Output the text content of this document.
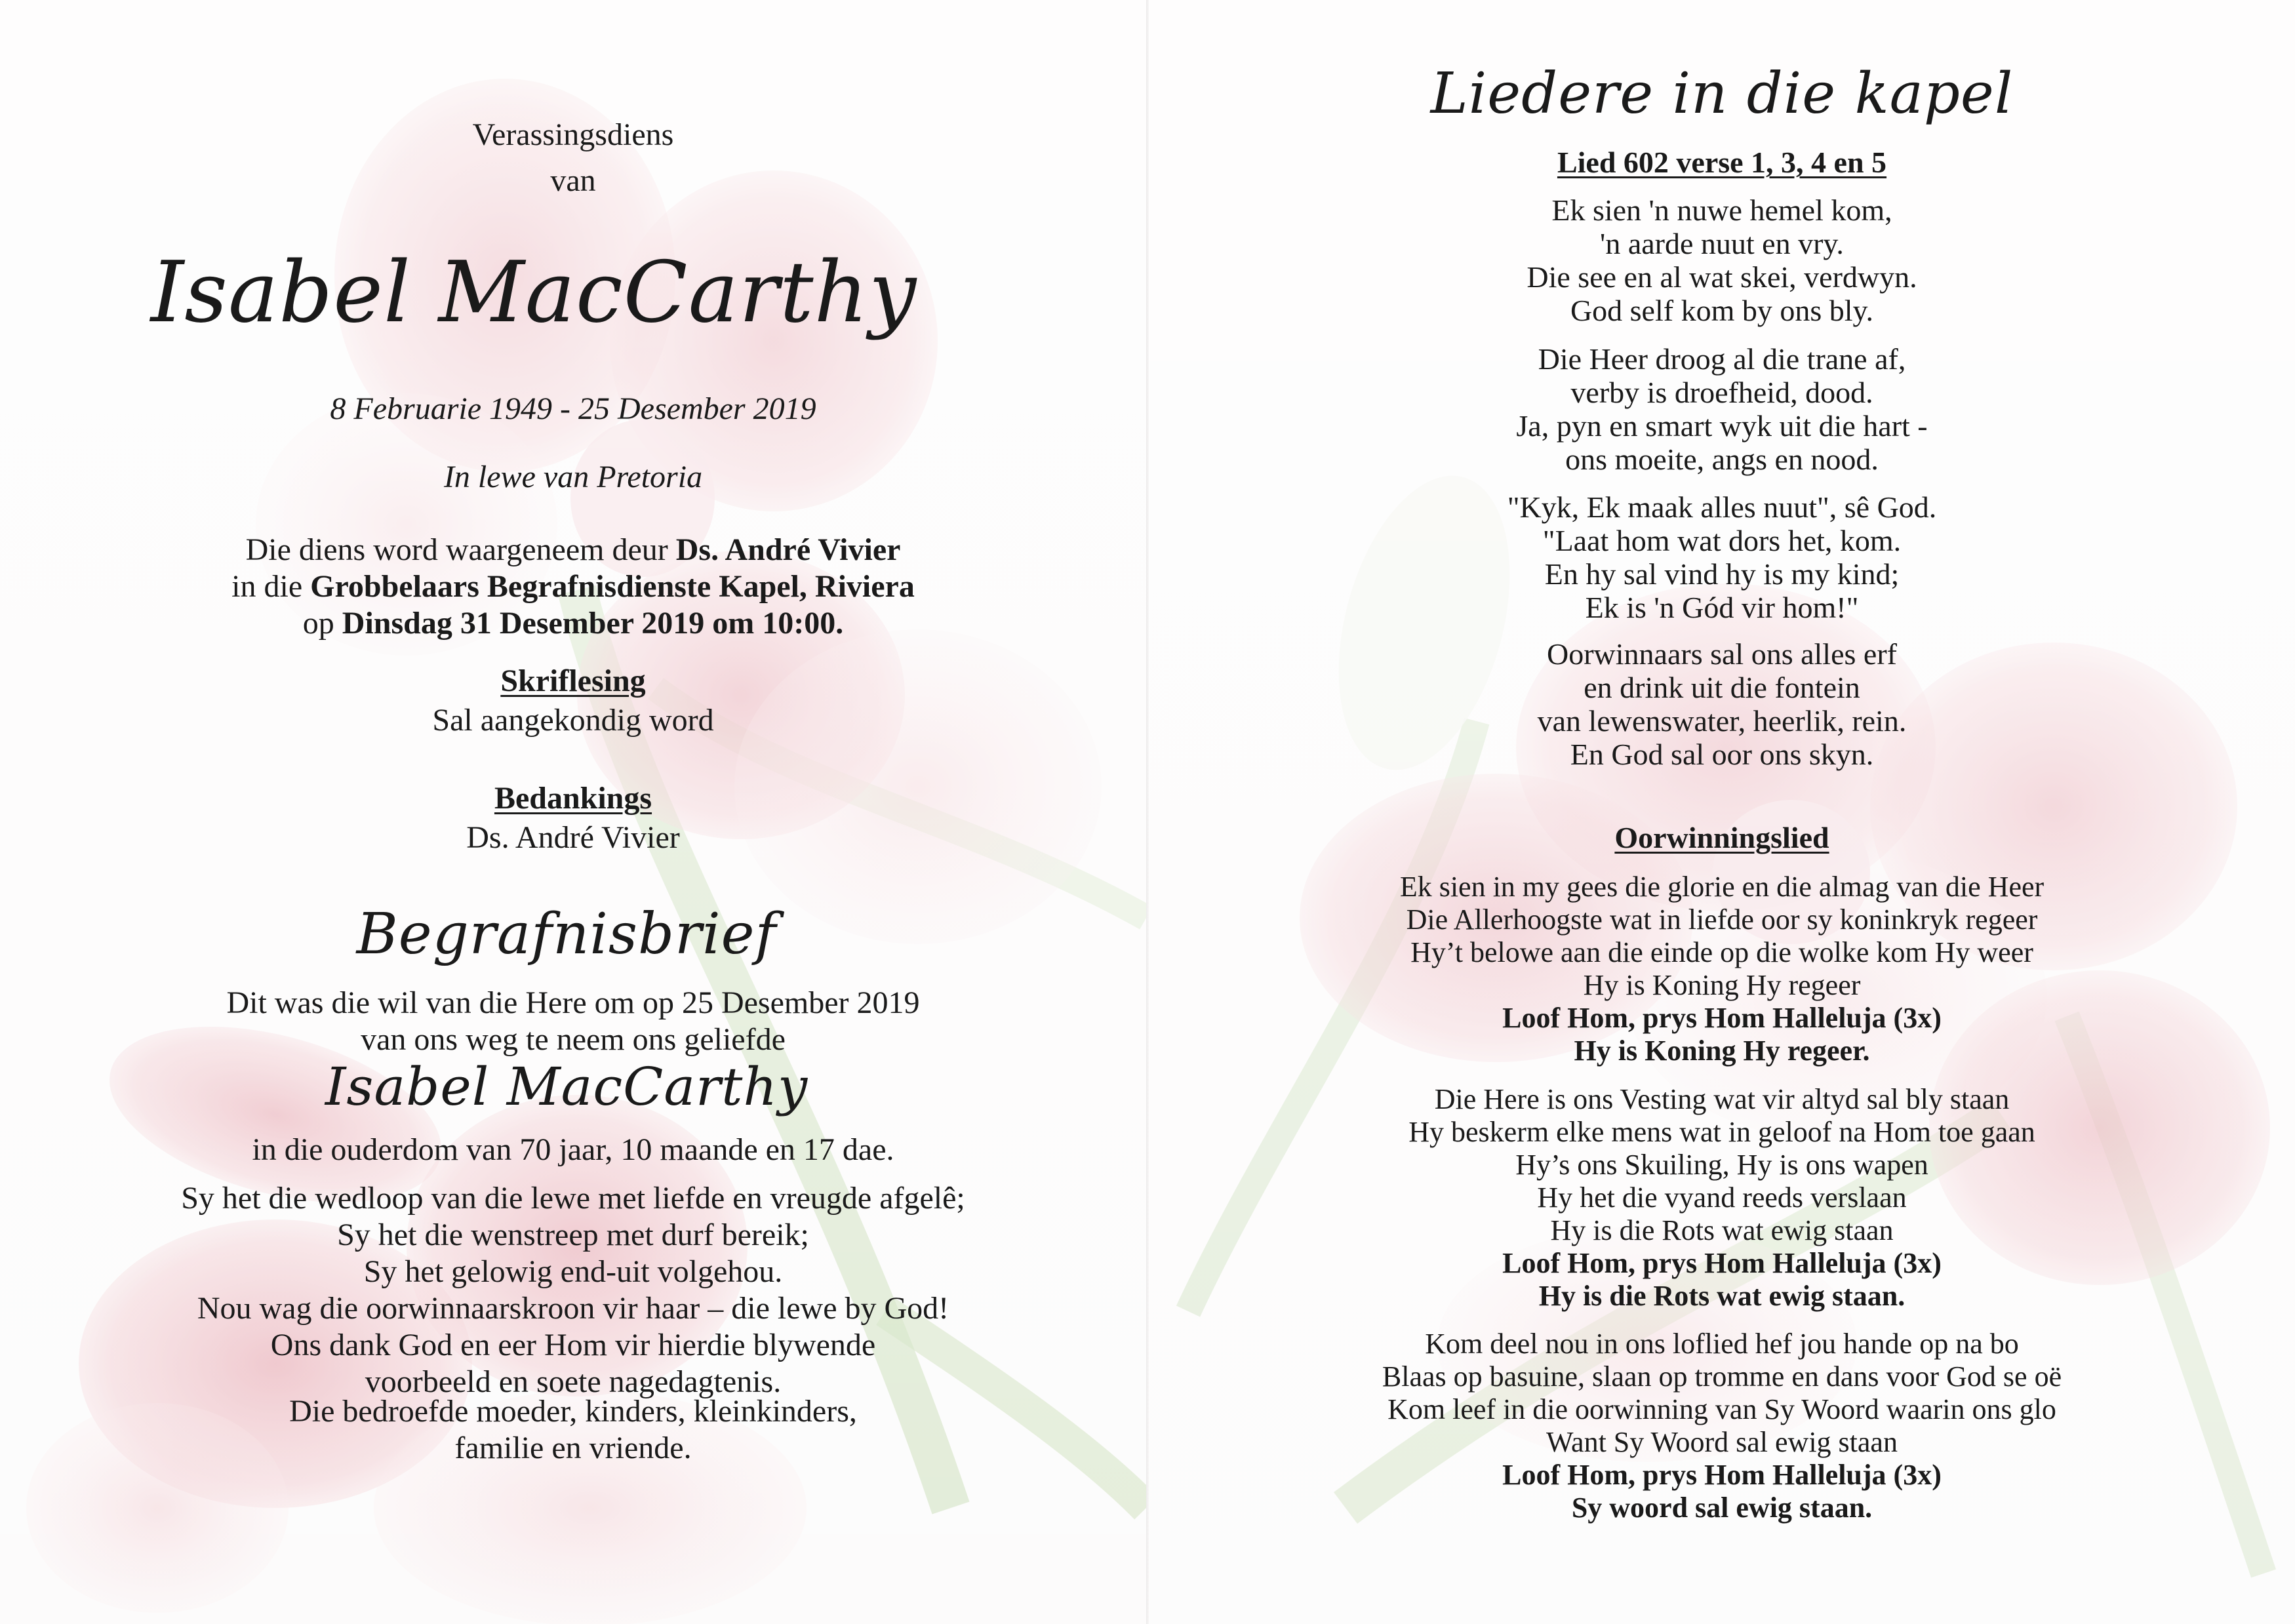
Verassingsdiens
van
Isabel MacCarthy
8 Februarie 1949 - 25 Desember 2019
In lewe van Pretoria
Die diens word waargeneem deur Ds. André Vivier
in die Grobbelaars Begrafnisdienste Kapel, Riviera
op Dinsdag 31 Desember 2019 om 10:00.
Skriflesing
Sal aangekondig word
Bedankings
Ds. André Vivier
Begrafnisbrief
Dit was die wil van die Here om op 25 Desember 2019
van ons weg te neem ons geliefde
Isabel MacCarthy
in die ouderdom van 70 jaar, 10 maande en 17 dae.
Sy het die wedloop van die lewe met liefde en vreugde afgelê;
Sy het die wenstreep met durf bereik;
Sy het gelowig end-uit volgehou.
Nou wag die oorwinnaarskroon vir haar – die lewe by God!
Ons dank God en eer Hom vir hierdie blywende
voorbeeld en soete nagedagtenis.
Die bedroefde moeder, kinders, kleinkinders,
familie en vriende.
Liedere in die kapel
Lied 602 verse 1, 3, 4 en 5
Ek sien 'n nuwe hemel kom,
'n aarde nuut en vry.
Die see en al wat skei, verdwyn.
God self kom by ons bly.
Die Heer droog al die trane af,
verby is droefheid, dood.
Ja, pyn en smart wyk uit die hart -
ons moeite, angs en nood.
"Kyk, Ek maak alles nuut", sê God.
"Laat hom wat dors het, kom.
En hy sal vind hy is my kind;
Ek is 'n Gód vir hom!"
Oorwinnaars sal ons alles erf
en drink uit die fontein
van lewenswater, heerlik, rein.
En God sal oor ons skyn.
Oorwinningslied
Ek sien in my gees die glorie en die almag van die Heer
Die Allerhoogste wat in liefde oor sy koninkryk regeer
Hy’t belowe aan die einde op die wolke kom Hy weer
Hy is Koning Hy regeer
Loof Hom, prys Hom Halleluja (3x)
Hy is Koning Hy regeer.
Die Here is ons Vesting wat vir altyd sal bly staan
Hy beskerm elke mens wat in geloof na Hom toe gaan
Hy’s ons Skuiling, Hy is ons wapen
Hy het die vyand reeds verslaan
Hy is die Rots wat ewig staan
Loof Hom, prys Hom Halleluja (3x)
Hy is die Rots wat ewig staan.
Kom deel nou in ons loflied hef jou hande op na bo
Blaas op basuine, slaan op tromme en dans voor God se oë
Kom leef in die oorwinning van Sy Woord waarin ons glo
Want Sy Woord sal ewig staan
Loof Hom, prys Hom Halleluja (3x)
Sy woord sal ewig staan.
